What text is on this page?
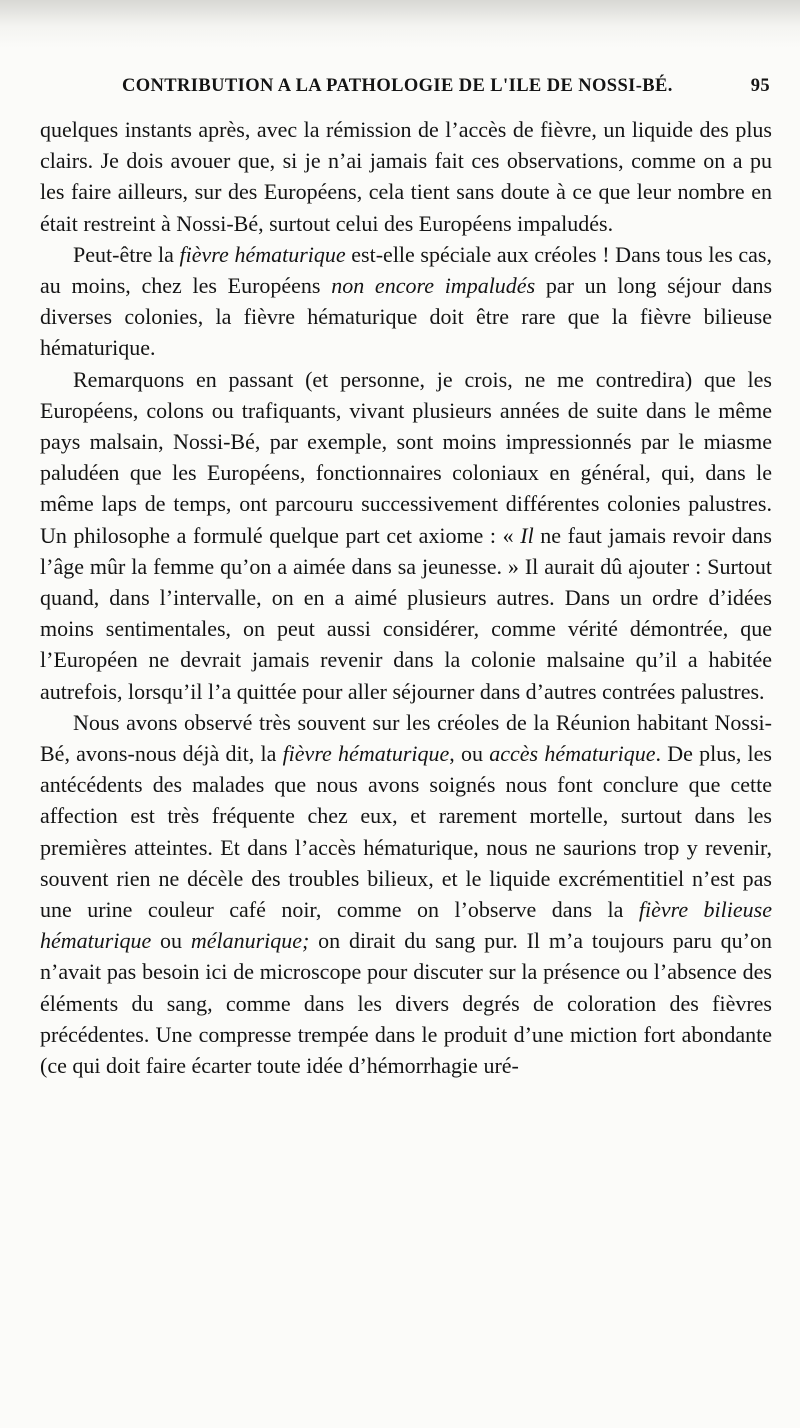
CONTRIBUTION A LA PATHOLOGIE DE L'ILE DE NOSSI-BÉ.	95

quelques instants après, avec la rémission de l’accès de fièvre, un liquide des plus clairs. Je dois avouer que, si je n’ai jamais fait ces observations, comme on a pu les faire ailleurs, sur des Européens, cela tient sans doute à ce que leur nombre en était restreint à Nossi-Bé, surtout celui des Européens impaludés.

Peut-être la fièvre hématurique est-elle spéciale aux créoles ! Dans tous les cas, au moins, chez les Européens non encore impaludés par un long séjour dans diverses colonies, la fièvre hématurique doit être rare que la fièvre bilieuse hématurique.

Remarquons en passant (et personne, je crois, ne me contredira) que les Européens, colons ou trafiquants, vivant plusieurs années de suite dans le même pays malsain, Nossi-Bé, par exemple, sont moins impressionnés par le miasme paludéen que les Européens, fonctionnaires coloniaux en général, qui, dans le même laps de temps, ont parcouru successivement différentes colonies palustres. Un philosophe a formulé quelque part cet axiome : « Il ne faut jamais revoir dans l’âge mûr la femme qu’on a aimée dans sa jeunesse. » Il aurait dû ajouter : Surtout quand, dans l’intervalle, on en a aimé plusieurs autres. Dans un ordre d’idées moins sentimentales, on peut aussi considérer, comme vérité démontrée, que l’Européen ne devrait jamais revenir dans la colonie malsaine qu’il a habitée autrefois, lorsqu’il l’a quittée pour aller séjourner dans d’autres contrées palustres.

Nous avons observé très souvent sur les créoles de la Réunion habitant Nossi-Bé, avons-nous déjà dit, la fièvre hématurique, ou accès hématurique. De plus, les antécédents des malades que nous avons soignés nous font conclure que cette affection est très fréquente chez eux, et rarement mortelle, surtout dans les premières atteintes. Et dans l’accès hématurique, nous ne saurions trop y revenir, souvent rien ne décèle des troubles bilieux, et le liquide excrémentitiel n’est pas une urine couleur café noir, comme on l’observe dans la fièvre bilieuse hématurique ou mélanurique; on dirait du sang pur. Il m’a toujours paru qu’on n’avait pas besoin ici de microscope pour discuter sur la présence ou l’absence des éléments du sang, comme dans les divers degrés de coloration des fièvres précédentes. Une compresse trempée dans le produit d’une miction fort abondante (ce qui doit faire écarter toute idée d’hémorrhagie uré-
